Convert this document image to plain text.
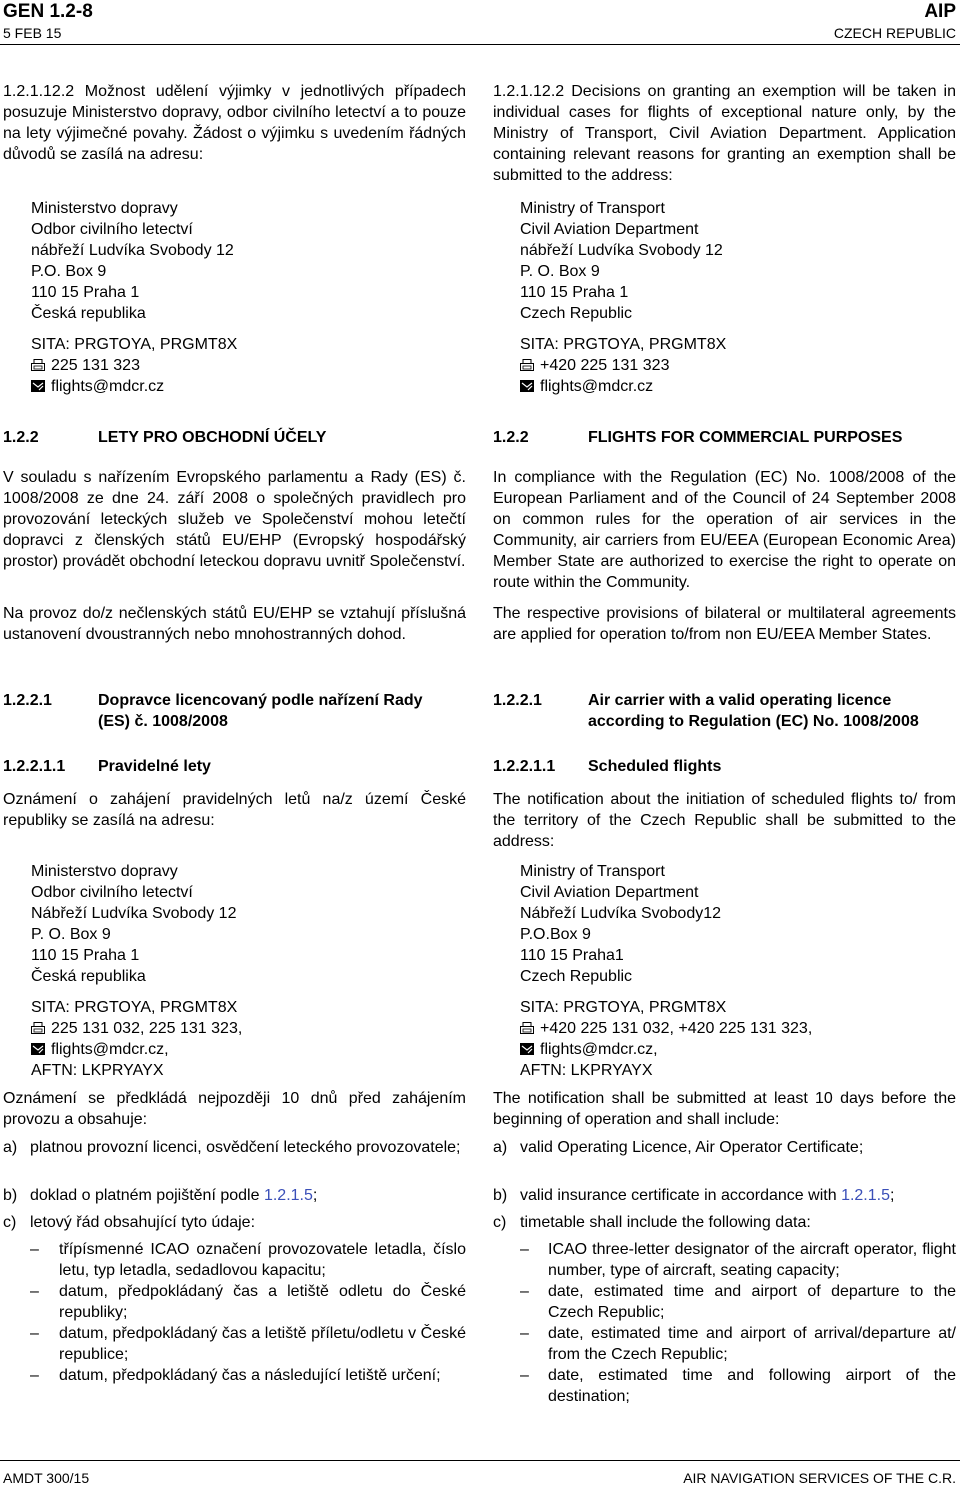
GEN 1.2-8
5 FEB 15
AIP
CZECH REPUBLIC

1.2.1.12.2 Možnost udělení výjimky v jednotlivých případech posuzuje Ministerstvo dopravy, odbor civilního letectví a to pouze na lety výjimečné povahy. Žádost o výjimku s uvedením řádných důvodů se zasílá na adresu:

Ministerstvo dopravy
Odbor civilního letectví
nábřeží Ludvíka Svobody 12
P.O. Box 9
110 15 Praha 1
Česká republika
SITA: PRGTOYA, PRGMT8X
225 131 323
flights@mdcr.cz
1.2.2	LETY PRO OBCHODNÍ ÚČELY

V souladu s nařízením Evropského parlamentu a Rady (ES) č. 1008/2008 ze dne 24. září 2008 o společných pravidlech pro provozování leteckých služeb ve Společenství mohou letečtí dopravci z členských států EU/EHP (Evropský hospodářský prostor) provádět obchodní leteckou dopravu uvnitř Společenství.

Na provoz do/z nečlenských států EU/EHP se vztahují příslušná ustanovení dvoustranných nebo mnohostranných dohod.

1.2.2.1	Dopravce licencovaný podle nařízení Rady
(ES) č. 1008/2008
1.2.2.1.1 Pravidelné lety

Oznámení o zahájení pravidelných letů na/z území České republiky se zasílá na adresu:

Ministerstvo dopravy
Odbor civilního letectví
Nábřeží Ludvíka Svobody 12
P. O. Box 9
110 15 Praha 1
Česká republika
SITA: PRGTOYA, PRGMT8X
225 131 032, 225 131 323,
flights@mdcr.cz,
AFTN: LKPRYAYX

Oznámení se předkládá nejpozději 10 dnů před zahájením provozu a obsahuje:

a) platnou provozní licenci, osvědčení leteckého provozovatele;

b) doklad o platném pojištění podle 1.2.1.5;
c) letový řád obsahující tyto údaje:
– třípísmenné ICAO označení provozovatele letadla, číslo letu, typ letadla, sedadlovou kapacitu;

– datum, předpokládaný čas a letiště odletu do České republiky;

– datum, předpokládaný čas a letiště příletu/odletu v České republice;

– datum, předpokládaný čas a následující letiště určení;

1.2.1.12.2 Decisions on granting an exemption will be taken in individual cases for flights of exceptional nature only, by the Ministry of Transport, Civil Aviation Department. Application containing relevant reasons for granting an exemption shall be submitted to the address:

Ministry of Transport
Civil Aviation Department
nábřeží Ludvíka Svobody 12
P. O. Box 9
110 15 Praha 1
Czech Republic
SITA: PRGTOYA, PRGMT8X
+420 225 131 323
flights@mdcr.cz
1.2.2	FLIGHTS FOR COMMERCIAL PURPOSES

In compliance with the Regulation (EC) No. 1008/2008 of the European Parliament and of the Council of 24 September 2008 on common rules for the operation of air services in the Community, air carriers from EU/EEA (European Economic Area) Member State are authorized to exercise the right to operate on route within the Community.

The respective provisions of bilateral or multilateral agreements are applied for operation to/from non EU/EEA Member States.

1.2.2.1	Air carrier with a valid operating licence
according to Regulation (EC) No. 1008/2008
1.2.2.1.1 Scheduled flights

The notification about the initiation of scheduled flights to/ from the territory of the Czech Republic shall be submitted to the address:

Ministry of Transport
Civil Aviation Department
Nábřeží Ludvíka Svobody12
P.O.Box 9
110 15 Praha1
Czech Republic
SITA: PRGTOYA, PRGMT8X
+420 225 131 032, +420 225 131 323,
flights@mdcr.cz,
AFTN: LKPRYAYX

The notification shall be submitted at least 10 days before the beginning of operation and shall include:

a) valid Operating Licence, Air Operator Certificate;
b) valid insurance certificate in accordance with 1.2.1.5;
c) timetable shall include the following data:
– ICAO three-letter designator of the aircraft operator, flight number, type of aircraft, seating capacity;

– date, estimated time and airport of departure to the Czech Republic;

– date, estimated time and airport of arrival/departure at/ from the Czech Republic;

– date, estimated time and following airport of the destination;

AMDT 300/15	AIR NAVIGATION SERVICES OF THE C.R.
